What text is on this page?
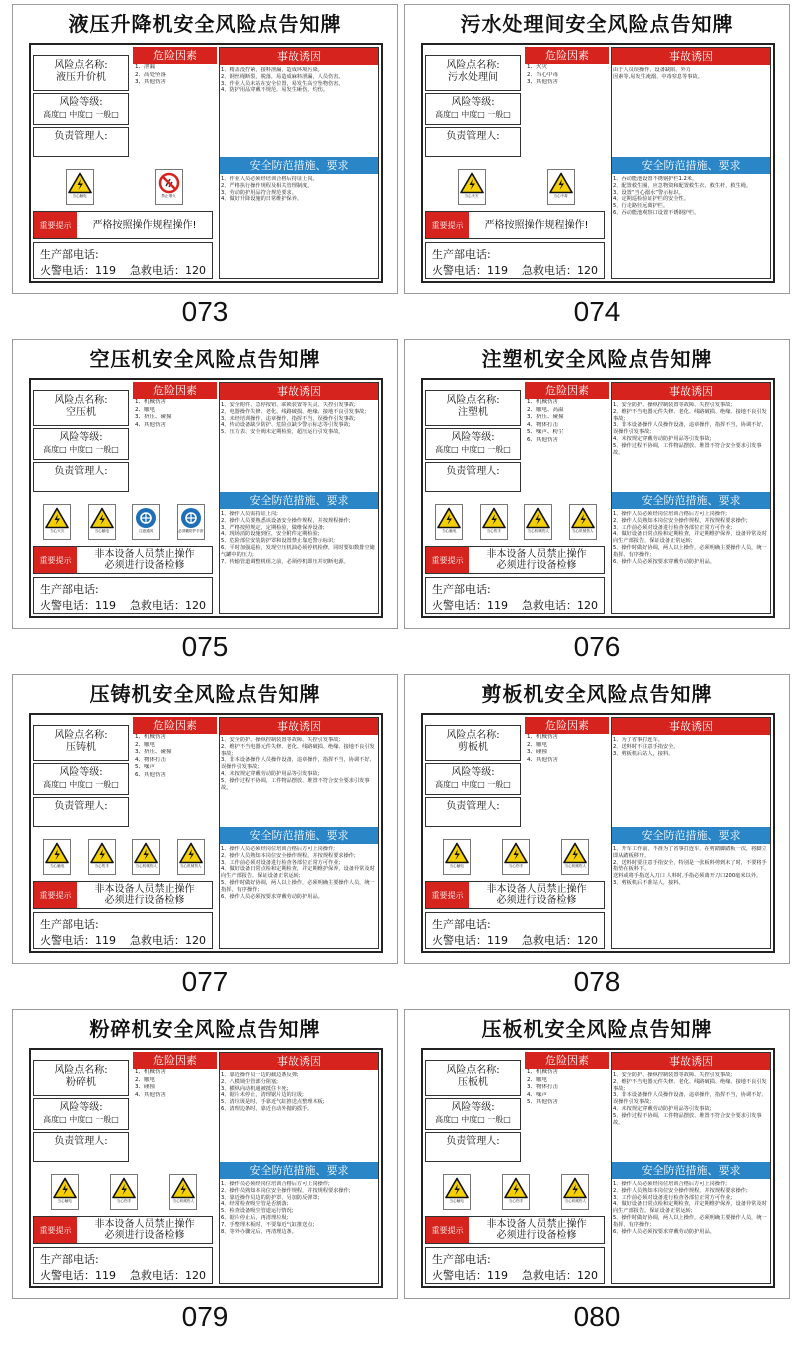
液压升降机安全风险点告知牌
风险点名称:
液压升价机
风险等级:
高度□ 中度□ 一般□
负责管理人:
危险因素
1、泄漏
2、高处坠落
3、其他伤害
事故诱因
1、精盖没拧紧，接料泄漏，造成环境污染。
2、钢丝绳断裂，脱落，易造成麻料泄漏，人员伤害。
3、作业人员未站在安全位置，易发生高空坠物伤害。
4、防护用品穿戴不规范，易发生砸伤，灼伤。
安全防范措施、要求
1、作业人员必须经培训合格后持证上岗。
2、严格执行操作规程及相关管理制度。
3、劳动防护用品符合规范要求。
4、做好升降设施的日常维护保养。
当心触电	禁止烟火
重要提示	严格按照操作规程操作!
生产部电话:
火警电话：119 急救电话：120
073
污水处理间安全风险点告知牌
风险点名称:
污水处理间
风险等级:
高度□ 中度□ 一般□
负责管理人:
危险因素
1、火灾
2、当心中毒
3、其他伤害
事故诱因
由于人员误操作、设备缺陷、外力
因素等,易发生淹溺、中毒窒息等事故。
安全防范措施、要求
1、吞动能池设置不锈钢护栏1.2米。
2、配置救生圈，应急物资和配置救生衣、救生杆，救生绳。
3、设置“当心溺水”警示标识。
4、定期巡检验证护栏的安全性。
5、行走路径远离护栏。
6、吞动能池观察口设置不锈钢护栏。
当心火灾	当心中毒
重要提示	严格按照操作规程操作!
生产部电话:
火警电话：119 急救电话：120
074
空压机安全风险点告知牌
风险点名称:
空压机
风险等级:
高度□ 中度□ 一般□
负责管理人:
危险因素
1、机械伤害
2、触电
3、挤压、碰撞
4、其他伤害
事故诱因
1、安全附件、急停按钮、联锁装置等失灵、失控引发事故;
2、电器操作失修、老化、线路破损、绝缘、接地不良引发事故;
3、未经培训操作、违章操作，指挥不当、误操作引发事故;
4、传动设备缺少防护、危险点缺少警示标志等引发事故;
5、压力表、安全阀未定期检验，超压运行引发事故。
安全防范措施、要求
1、操作人员需持证上岗;
2、操作人员要熟悉该设备安全操作规程，并按规程操作;
3、严格按照规定，定期检验，做维保养设备;
4、现场消防设施到位，安全附件定期检验;
5、危险部位安装防护罩和设置禁止靠近警示标识;
6、平时加强巡检，发现空压机油必须停机检修，同时要如数排空储气罐中的压力;
7、传输管道调整机组之前，必须停机即压并切断电源。
当心火灾	当心触电	注意通风	必须戴防护手套
重要提示	非本设备人员禁止操作
必须进行设备检修
生产部电话:
火警电话：119 急救电话：120
075
注塑机安全风险点告知牌
风险点名称:
注塑机
风险等级:
高度□ 中度□ 一般□
负责管理人:
危险因素
1、机械伤害
2、触电、高温
3、挤压、碰撞
4、物体打击
5、噪声、粉尘
6、其他伤害
事故诱因
1、安全防护、操纵控制装置等故障、失控引发事故;
2、维护不当电器元件失修、老化、线路破损、绝缘、接地不良引发事故;
3、非本设备操作人员操作设备，违章操作，指挥不当，协调不好、误操作引发事故;
4、未按规定穿戴劳动防护用品等引发事故;
5、操作过程不协调，工件物品摆放、堆置不符合安全要求引发事故。
安全防范措施、要求
1、操作人员必须经岗位培训合格后方可上岗操作;
2、操作人员熟知本岗位安全操作规程，并按规程要求操作;
3、工作前必须对设备进行检查各部位正常方可作业;
4、做好设备日常点检和定期检查，并定期维护保养，设备异常及时向生产部报告，保证设备正常运转;
5、操作时做好协调，两人以上操作，必须明确主要操作人员，统一指挥，有序操作;
6、操作人员必须按要求穿戴劳动防护用品。
当心触电	当心伤手	当心机械伤人	当心机械伤人
重要提示	非本设备人员禁止操作
必须进行设备检修
生产部电话:
火警电话：119 急救电话：120
076
压铸机安全风险点告知牌
风险点名称:
压铸机
风险等级:
高度□ 中度□ 一般□
负责管理人:
危险因素
1、机械伤害
2、触电
3、挤压、碰撞
4、物体打击
5、噪声
6、其他伤害
事故诱因
1、安全防护、操纵控制装置等故障、失控引发事故;
2、维护不当电器元件失修、老化、线路破损、绝缘、接地不良引发事故;
3、非本设备操作人员操作设备，违章操作，指挥不当，协调不好、误操作引发事故;
4、未按规定穿戴劳动防护用品等引发事故;
5、操作过程不协调，工件物品摆放、堆置不符合安全要求引发事故。
安全防范措施、要求
1、操作人员必须经岗位培训合格后方可上岗操作;
2、操作人员熟知本岗位安全操作规程，并按规程要求操作;
3、工作前必须对设备进行检查各部位正常方可作业;
4、做好设备日常点检和定期检查，并定期维护保养，设备异常及时向生产部报告，保证设备正常运转;
5、操作时做好协调，两人以上操作，必须明确主要操作人员，统一指挥，有序操作;
6、操作人员必须按要求穿戴劳动防护用品。
当心触电	当心伤手	当心机械伤人	当心机械伤人
重要提示	非本设备人员禁止操作
必须进行设备检修
生产部电话:
火警电话：119 急救电话：120
077
剪板机安全风险点告知牌
风险点名称:
剪板机
风险等级:
高度□ 中度□ 一般□
负责管理人:
危险因素
1、机械伤害
2、触电
3、碰撞
4、其他伤害
事故诱因
1、为了省事打连车。
2、送料时不注意手指安全。
3、剪板机后站人，接料。
安全防范措施、要求
1、开车工作前，不准为了省事打连车，在剪踏脚踏板一次，将脚立即从踏板移开。
2、送料时要注意手指安全，特别是一张板料剪到末了时，不要将手指垫在板料下。
送料或将手指送入刀口 人料时,手指必须离开刀口200毫米以外。
3、剪板机后不准站人，接料。
当心触电	当心伤手	当心机械伤人
重要提示	非本设备人员禁止操作
必须进行设备检修
生产部电话:
火警电话：119 急救电话：120
078
粉碎机安全风险点告知牌
风险点名称:
粉碎机
风险等级:
高度□ 中度□ 一般□
负责管理人:
危险因素
1、机械伤害
2、触电
3、碰撞
4、其他伤害
事故诱因
1、靠近操作员一边的截边条反弹;
2、八模锁尘管部分阻塞;
3、横纵向动机通被抵住卡死;
4、锯片未停止，清理锯片边的垃圾;
5、清垃圾是时，手靠近气缸推送点整理木板;
6、清理边条时，靠近自动外抛的摇手。
安全防范措施、要求
1、操作员必须经岗位培训合格后方可上岗操作;
2、操作员熟知本岗位安全操作规程，并按规程要求操作;
3、靠近操作员边的防护罩，另加防反弹罩;
4、经常检查吸尘管是否割落;
5、检查设备吸尘管道运行情况;
6、锯片停止后，再清理垃圾;
7、手整理木板时，不要靠近气缸推送点;
8、等外办骤完后，再清理边条。
当心触电	当心伤手	当心机械伤人
重要提示	非本设备人员禁止操作
必须进行设备检修
生产部电话:
火警电话：119 急救电话：120
079
压板机安全风险点告知牌
风险点名称:
压板机
风险等级:
高度□ 中度□ 一般□
负责管理人:
危险因素
1、机械伤害
2、触电
3、物体打击
4、噪声
5、其他伤害
事故诱因
1、安全防护、操纵控制装置等故障、失控引发事故;
2、维护不当电器元件失修、老化、线路破损、绝缘、接地不良引发事故;
3、非本设备操作人员操作设备，违章操作，指挥不当，协调不好、误操作引发事故;
4、未按规定穿戴劳动防护用品等引发事故;
5、操作过程不协调，工件物品摆放、堆置不符合安全要求引发事故。
安全防范措施、要求
1、操作人员必须经岗位培训合格后方可上岗操作;
2、操作人员熟知本岗位安全操作规程，并按规程要求操作;
3、工作前必须对设备进行检查各部位正常方可作业;
4、做好设备日常点检和定期检查，并定期维护保养，设备异常及时向生产部报告，保证设备正常运转;
5、操作时做好协调，两人以上操作，必须明确主要操作人员，统一指挥，有序操作;
6、操作人员必须按要求穿戴劳动防护用品。
当心触电	当心伤手	当心机械伤人
重要提示	非本设备人员禁止操作
必须进行设备检修
生产部电话:
火警电话：119 急救电话：120
080
